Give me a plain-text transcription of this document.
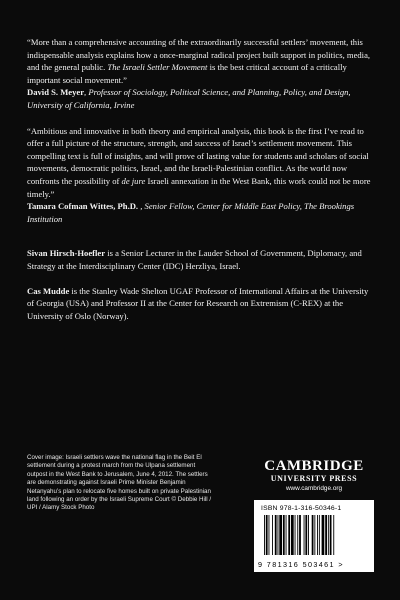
“More than a comprehensive accounting of the extraordinarily successful settlers’ movement, this indispensable analysis explains how a once-marginal radical project built support in politics, media, and the general public. The Israeli Settler Movement is the best critical account of a critically important social movement.”

David S. Meyer, Professor of Sociology, Political Science, and Planning, Policy, and Design, University of California, Irvine

“Ambitious and innovative in both theory and empirical analysis, this book is the first I’ve read to offer a full picture of the structure, strength, and success of Israel’s settlement movement. This compelling text is full of insights, and will prove of lasting value for students and scholars of social movements, democratic politics, Israel, and the Israeli-Palestinian conflict. As the world now confronts the possibility of de jure Israeli annexation in the West Bank, this work could not be more timely.”

Tamara Cofman Wittes, Ph.D. , Senior Fellow, Center for Middle East Policy, The Brookings Institution

Sivan Hirsch-Hoefler is a Senior Lecturer in the Lauder School of Government, Diplomacy, and Strategy at the Interdisciplinary Center (IDC) Herzliya, Israel.

Cas Mudde is the Stanley Wade Shelton UGAF Professor of International Affairs at the University of Georgia (USA) and Professor II at the Center for Research on Extremism (C-REX) at the University of Oslo (Norway).

Cover image: Israeli settlers wave the national flag in the Beit El settlement during a protest march from the Ulpana settlement outpost in the West Bank to Jerusalem, June 4, 2012. The settlers are demonstrating against Israeli Prime Minister Benjamin Netanyahu’s plan to relocate five homes built on private Palestinian land following an order by the Israeli Supreme Court © Debbie Hill / UPI / Alamy Stock Photo
CAMBRIDGE
UNIVERSITY PRESS
www.cambridge.org
ISBN 978-1-316-50346-1
9 781316 503461 >
